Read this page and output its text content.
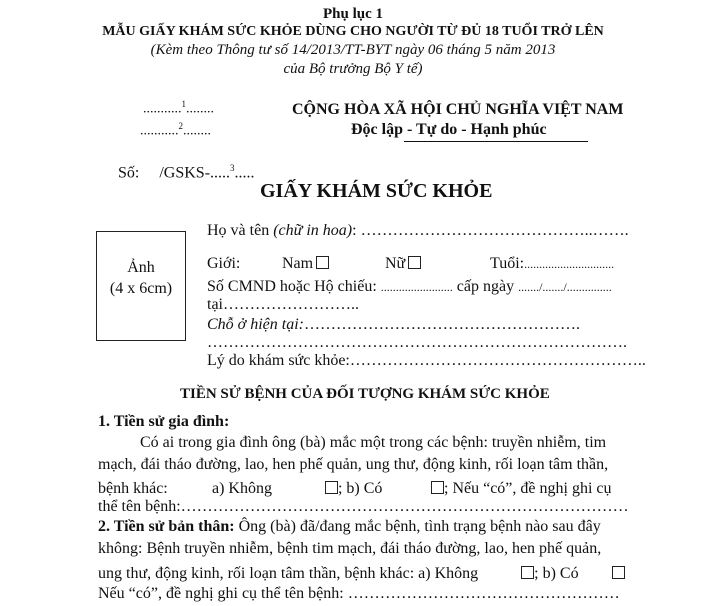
Phụ lục 1
MẪU GIẤY KHÁM SỨC KHỎE DÙNG CHO NGƯỜI TỪ ĐỦ 18 TUỔI TRỞ LÊN
(Kèm theo Thông tư số 14/2013/TT-BYT ngày 06 tháng 5 năm 2013
của Bộ trưởng Bộ Y tế)
...........$^1$........
...........$^2$........
Số: /GSKS-.....$^3$.....
CỘNG HÒA XÃ HỘI CHỦ NGHĨA VIỆT NAM
Độc lập - Tự do - Hạnh phúc
GIẤY KHÁM SỨC KHỎE
Ảnh
(4 x 6cm)
Họ và tên (chữ in hoa): ……………………………………..…….
Giới:	Nam	Nữ	Tuổi:..............................
Số CMND hoặc Hộ chiếu: ........................ cấp ngày ......./......./...............
tại……………………..
Chỗ ở hiện tại:…………………………………………….
…………………………………………………………………….
Lý do khám sức khỏe:………………………………………………..
TIỀN SỬ BỆNH CỦA ĐỐI TƯỢNG KHÁM SỨC KHỎE
1. Tiền sử gia đình:
Có ai trong gia đình ông (bà) mắc một trong các bệnh: truyền nhiễm, tim
mạch, đái tháo đường, lao, hen phế quản, ung thư, động kinh, rối loạn tâm thần,
bệnh khác:	a) Không	; b) Có	; Nếu “có”, đề nghị ghi cụ
thể tên bệnh:…………………………………………………………………………
2. Tiền sử bản thân: Ông (bà) đã/đang mắc bệnh, tình trạng bệnh nào sau đây
không: Bệnh truyền nhiễm, bệnh tim mạch, đái tháo đường, lao, hen phế quản,
ung thư, động kinh, rối loạn tâm thần, bệnh khác: a) Không	; b) Có
Nếu “có”, đề nghị ghi cụ thể tên bệnh: ……………………………………………
